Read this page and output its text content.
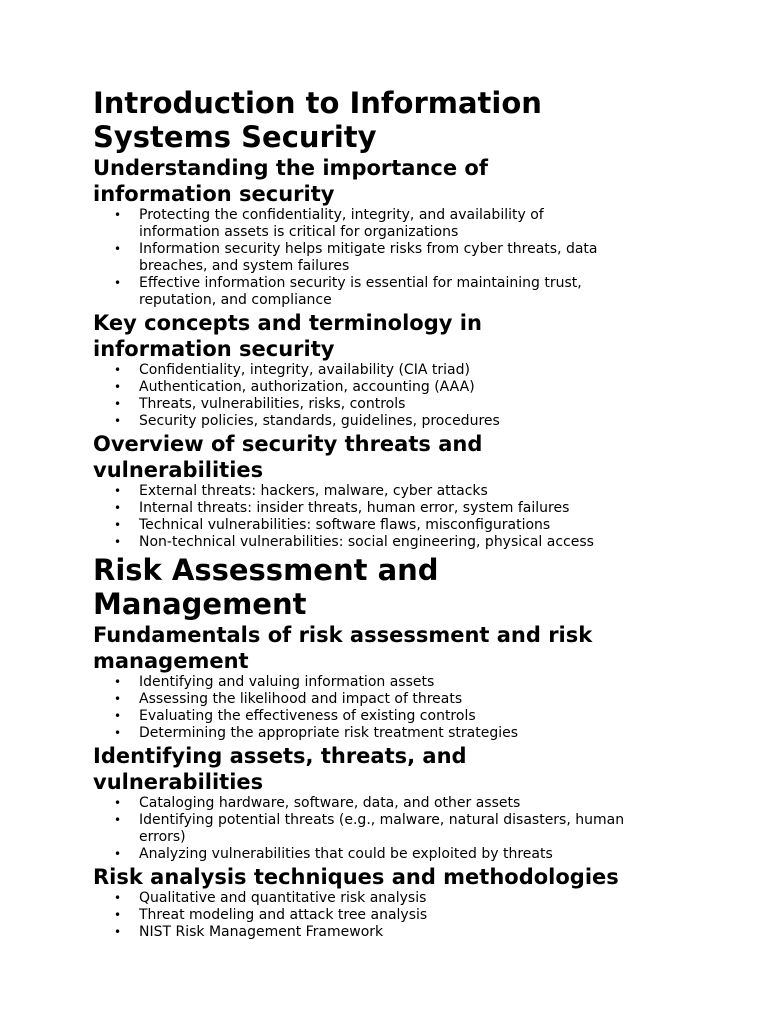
Introduction to Information Systems Security
Understanding the importance of information security
• Protecting the confidentiality, integrity, and availability of information assets is critical for organizations
• Information security helps mitigate risks from cyber threats, data breaches, and system failures
• Effective information security is essential for maintaining trust, reputation, and compliance
Key concepts and terminology in information security
• Confidentiality, integrity, availability (CIA triad)
• Authentication, authorization, accounting (AAA)
• Threats, vulnerabilities, risks, controls
• Security policies, standards, guidelines, procedures
Overview of security threats and vulnerabilities
• External threats: hackers, malware, cyber attacks
• Internal threats: insider threats, human error, system failures
• Technical vulnerabilities: software flaws, misconfigurations
• Non-technical vulnerabilities: social engineering, physical access
Risk Assessment and Management
Fundamentals of risk assessment and risk management
• Identifying and valuing information assets
• Assessing the likelihood and impact of threats
• Evaluating the effectiveness of existing controls
• Determining the appropriate risk treatment strategies
Identifying assets, threats, and vulnerabilities
• Cataloging hardware, software, data, and other assets
• Identifying potential threats (e.g., malware, natural disasters, human errors)
• Analyzing vulnerabilities that could be exploited by threats
Risk analysis techniques and methodologies
• Qualitative and quantitative risk analysis
• Threat modeling and attack tree analysis
• NIST Risk Management Framework
